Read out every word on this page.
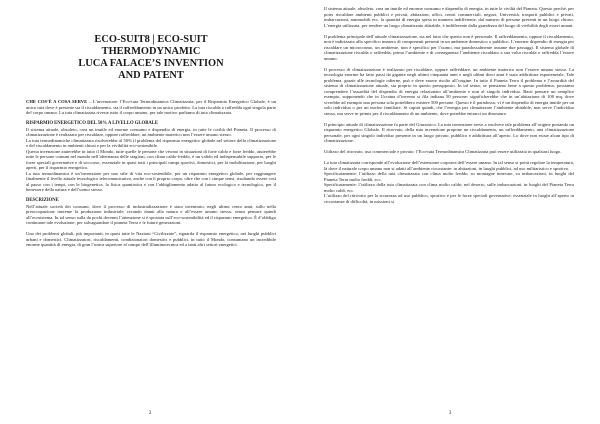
ECO-SUIT8 | ECO-SUIT
THERMODYNAMIC
LUCA FALACE’S INVENTION
AND PATENT

CHE COS’È A COSA SERVE – L’invenzione: l’Eco-tuta Termodinamica Climatizzata, per il Risparmio Energetico Globale, è un unico tuta dove è presente sia il riscaldamento, sia il raffreddamento in un unico prodotto. La tuta riscalda o raffredda ogni singola parte del corpo umano. La tuta climatizzata riveste tutto il corpo umano, per tale motivo parliamo di tuta climatizzata.

RISPARMIO ENERGETICO DEL 50% A LIVELLO GLOBALE

Il sistema attuale, obsoleto, crea un inutile ed enorme consumo e dispendio di energia, in tutte le civiltà del Pianeta. Il processo di climatizzazione è realizzato per riscaldare, oppure raffreddare, un ambiente materico non l’essere umano stesso.

La tuta termodinamiche climatizzata risolverebbe al 50% il problema del risparmio energetico globale nel settore della climatizzazione e del riscaldamento in ambienti chiusi e per la vivibilità eco-sostenibile.

Questa invenzione aiuterebbe in tutto il Mondo, tutte quelle le persone che vivono in situazioni di forte caldo e forte freddo, aiuterebbe tutte le persone comuni nel mondo nell’alternanza delle stagioni, con clima caldo-freddo, è un valido ed indispensabile supporto, per le forze speciali governative e di soccorso, essenziale in quasi tutti i principali campi sportivi, domestici, per la mobilitazione, per luoghi aperti, per il risparmio energetico.

La tuta termodinamica è un’invenzione per uno stile di vita eco-sostenibile, per un risparmio energetico globale, per raggiungere finalmente il livello attuale tecnologico telecomunicativo, anche con il proprio corpo, oltre che con i cinque sensi, risultando essere così al passo con i tempi, con le biogenetica, la fisica quantistica e con l’abbigliamento adatto al futuro ecologico e tecnologico, per il benessere della natura e dell’uomo stesso.

DESCRIZIONE

Nell’attuale società dei consumi, dove il processo di industrializzazione è stato incentrato, negli ultimi cento anni, sullo nella preoccupazione inerente la produzione industriale, recando danni alla natura e all’essere umano stesso, senza pensare quindi all’ecosistema. In tal senso sulla da pochi decenni l’attenzione si è spostata sull’eco-sostenibilità ed il risparmio energetico. È d’obbligo continuare tale evoluzione, per salvaguardare il pianeta Terra e le future generazioni.

Uno dei problemi globali, più importanti, in quasi tutte le Nazioni “Civilizzate”, riguarda il risparmio energetico, nei luoghi pubblici urbani e domestici. Climatizzatori, riscaldamenti, condizionatori domestici e pubblici, in tutto il Mondo, consumano un incredibile enorme quantità di energia, di gran l’unica superiore al campo dell’illuminotecnica ed a tanti altri settori energetici.

2

Il sistema attuale, obsoleto, crea un inutile ed enorme consumo e dispendio di energia, in tutte le civiltà del Pianeta. Questo perché, per poter riscaldare ambienti pubblici e privati, abitazioni, uffici, centri commerciali, negozi, Università, trasporti pubblici e privati, imbarcazioni, automobili ecc. la quantità di energia spesa in maniera indifferente, dal numero di persone presenti in un luogo chiuso. L’energia utilizzata, per rendere un luogo climatizzato abitabile, è indifferente dalla grandezza del luogo di vivibilità degli esseri umani.

Il problema principale dell’attuale climatizzazione, sta nel fatto che questo non è personale. Il raffreddamento, oppure il riscaldamento, non è indirizzato allo specifico numero di componenti presenti in un ambiente domestico o pubblico. L’enorme dispendio di energia per riscaldare un microcosmo, un ambiente, non è specifico per l’uomo, ma paradossalmente assume due passaggi. Il sistema globale di climatizzazione riscalda o raffredda, prima l’ambiente e di conseguenza l’ambiente riscaldato a sua volta riscalda o raffredda l’essere umano.

Il processo di climatizzazione è realizzato per riscaldare, oppure raffreddare, un ambiente materico non l’essere umano stesso. La tecnologia enorme ha fatto passi da gigante negli ultimi cinquanta anni e negli ultimi dieci anni è stata addirittura esponenziale. Tale problema, grazie alle tecnologie odierne, può e deve essere risolto all’origine. In tutto il Pianeta Terra il problema e l’assurdità del sistema di climatizzazione attuale, sta proprio in questo presupposto. In tal senso, se pensiamo bene a questo problema, possiamo comprendere l’assurdità del dispendio di energia relazionato all’ambiente e non al singolo individuo. Basti pensare un semplice esempio, supponendo che in Ucraina d’inverno si fila indiana 50 persone: significherebbe che in un’abitazione di 100 mq, dove vivrebbe ad esempio una persona sola potrebbero esistere 500 persone. Questo è il paradosso, vi è un dispendio di energia inutile per un solo individuo o per un nucleo familiare. Si capirà quindi, che l’energia per climatizzare l’ambiente abitabile, non serve l’individuo stesso, ma serve in primis per il riscaldamento di un ambiente, dove potrebbe entrarci un dinosauro.

Il principio attuale di climatizzazione fa parte del Giurassico. La mia invenzione serve a risolvere tale problema all’origine portando un risparmio energetico Globale. Il ritrovato, della mia invenzione propone un riscaldamento, un raffreddamento, una climatizzazione personale, per ogni singolo individuo presente in un luogo privato, pubblico e addirittura all’aperto. Lo dove non esiste alcun tipo di climatizzazione.

Utilizzo del ritrovato, uso commerciale e privato: l’Eco-tuta Termodinamica Climatizzata può essere utilizzata in qualsiasi luogo.

La tuta climatizzata corrisponde all’evoluzione dell’estensione corporea dell’essere umano. In tal senso si potrà regolare la temperatura, là dove il naturale corpo umano non si adatti all’ambiente circostante: in abitazioni, in luoghi pubblici, ad uso militaristico e sportivo.

Specificatamente: l’utilizzo della tuta climatizzata con clima molto freddo, su montagne innevate, su imbarcazioni, in luoghi del Pianeta Terra molto freddi, ecc.

Specificatamente: l’utilizzo della tuta climatizzata con clima molto caldo; nel deserto, sulle imbarcazioni, in luoghi del Pianeta Terra molto caldi, ecc.

L’utilizzo del ritrovato per la sicurezza ad uso pubblico, sportivo e per le forze speciali governative: essenziale in luoghi all’aperto in circostanze di difficoltà, in missioni si

3
